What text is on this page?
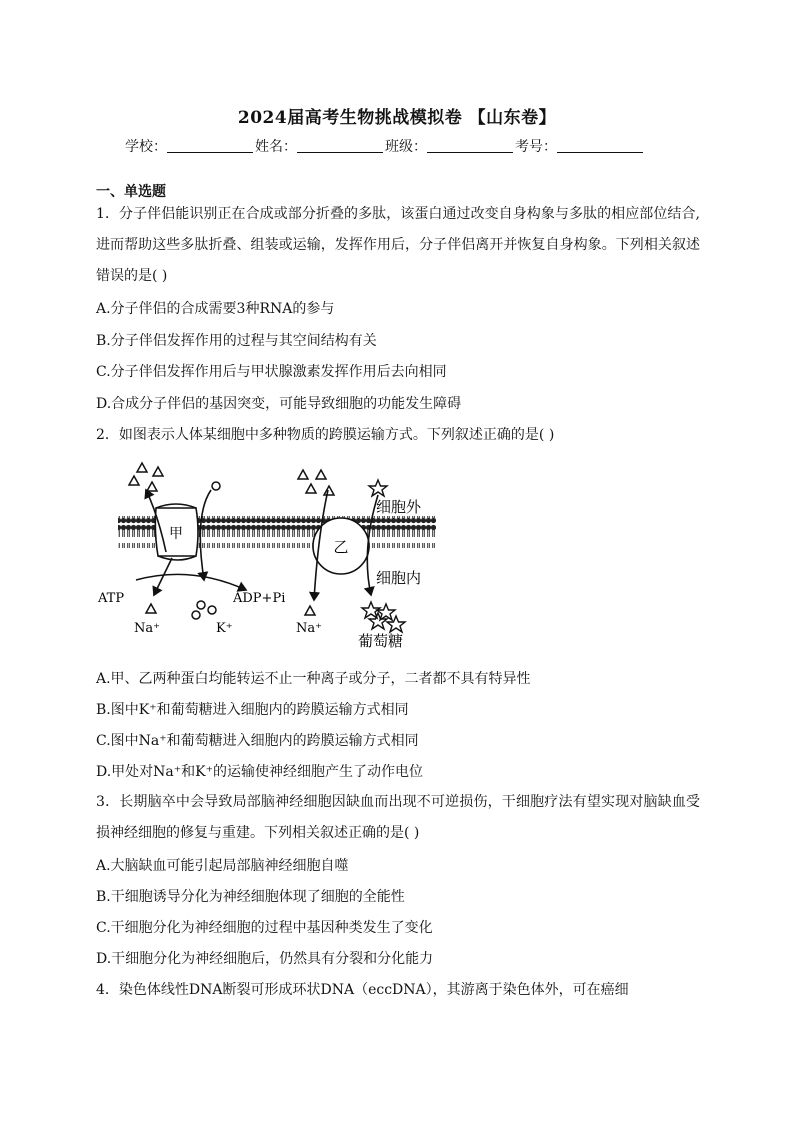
2024届高考生物挑战模拟卷 【山东卷】
学校：	姓名：	班级：	考号：
一、单选题
1．分子伴侣能识别正在合成或部分折叠的多肽，该蛋白通过改变自身构象与多肽的相应部位结合,进而帮助这些多肽折叠、组装或运输，发挥作用后，分子伴侣离开并恢复自身构象。下列相关叙述错误的是( )
A.分子伴侣的合成需要3种RNA的参与
B.分子伴侣发挥作用的过程与其空间结构有关
C.分子伴侣发挥作用后与甲状腺激素发挥作用后去向相同
D.合成分子伴侣的基因突变，可能导致细胞的功能发生障碍
2．如图表示人体某细胞中多种物质的跨膜运输方式。下列叙述正确的是( )
甲
乙
细胞外
细胞内
ATP	ADP+Pi
Na⁺	K⁺	Na⁺
葡萄糖
A.甲、乙两种蛋白均能转运不止一种离子或分子，二者都不具有特异性
B.图中K⁺和葡萄糖进入细胞内的跨膜运输方式相同
C.图中Na⁺和葡萄糖进入细胞内的跨膜运输方式相同
D.甲处对Na⁺和K⁺的运输使神经细胞产生了动作电位
3．长期脑卒中会导致局部脑神经细胞因缺血而出现不可逆损伤，干细胞疗法有望实现对脑缺血受损神经细胞的修复与重建。下列相关叙述正确的是( )
A.大脑缺血可能引起局部脑神经细胞自噬
B.干细胞诱导分化为神经细胞体现了细胞的全能性
C.干细胞分化为神经细胞的过程中基因种类发生了变化
D.干细胞分化为神经细胞后，仍然具有分裂和分化能力
4．染色体线性DNA断裂可形成环状DNA（eccDNA），其游离于染色体外，可在癌细
